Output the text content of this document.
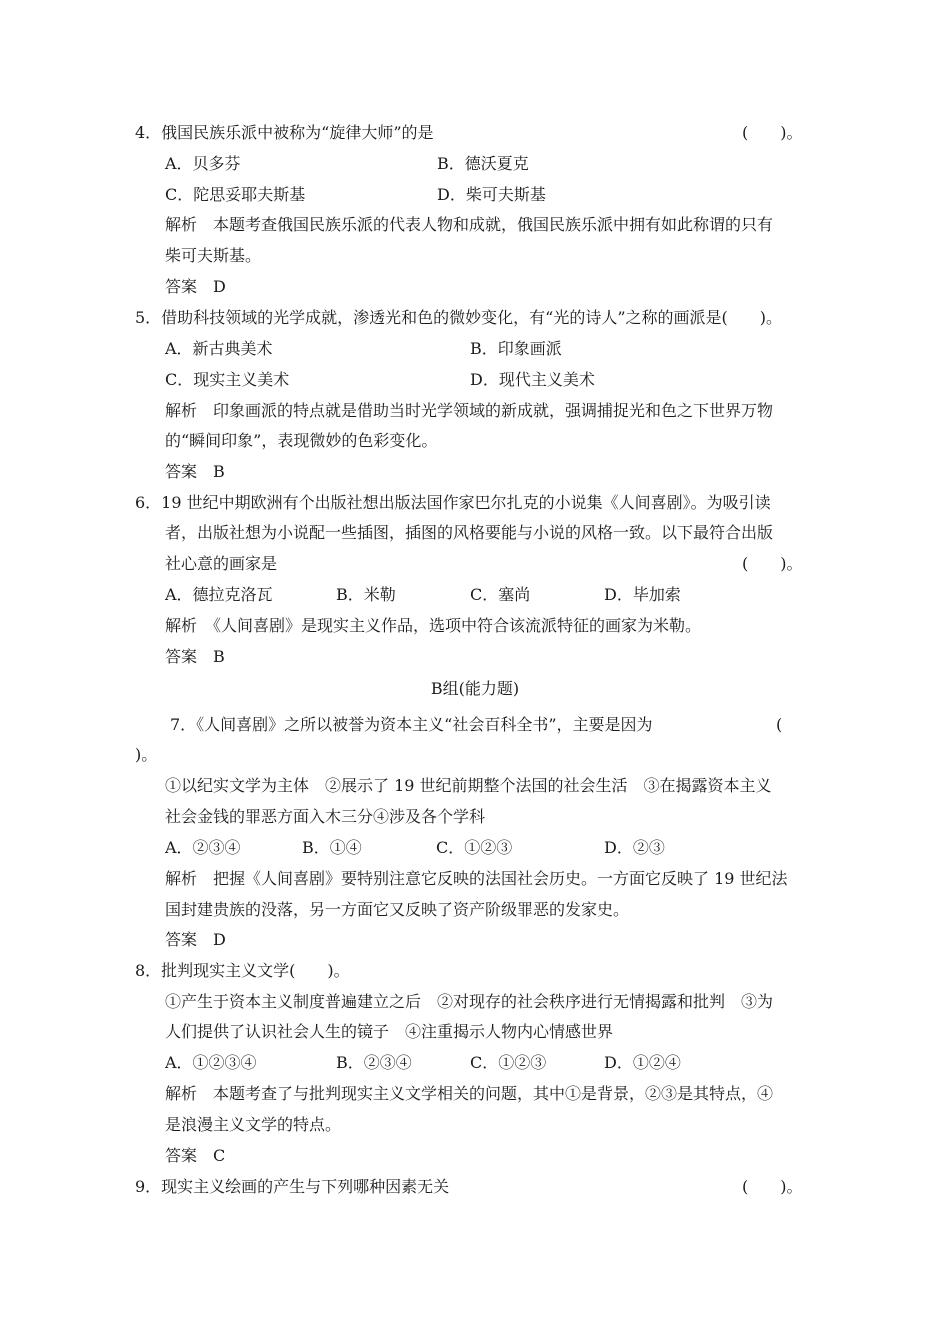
4．俄国民族乐派中被称为“旋律大师”的是	(　　)。
A．贝多芬	B．德沃夏克
C．陀思妥耶夫斯基	D．柴可夫斯基
解析　本题考查俄国民族乐派的代表人物和成就，俄国民族乐派中拥有如此称谓的只有
柴可夫斯基。
答案　D
5．借助科技领域的光学成就，渗透光和色的微妙变化，有“光的诗人”之称的画派是(　　)。
A．新古典美术	B．印象画派
C．现实主义美术	D．现代主义美术
解析　印象画派的特点就是借助当时光学领域的新成就，强调捕捉光和色之下世界万物
的“瞬间印象”，表现微妙的色彩变化。
答案　B
6．19 世纪中期欧洲有个出版社想出版法国作家巴尔扎克的小说集《人间喜剧》。为吸引读
者，出版社想为小说配一些插图，插图的风格要能与小说的风格一致。以下最符合出版
社心意的画家是	(　　)。
A．德拉克洛瓦	B．米勒	C．塞尚	D．毕加索
解析　《人间喜剧》是现实主义作品，选项中符合该流派特征的画家为米勒。
答案　B
B组(能力题)
7．《人间喜剧》之所以被誉为资本主义“社会百科全书”，主要是因为	(
)。
①以纪实文学为主体　②展示了 19 世纪前期整个法国的社会生活　③在揭露资本主义
社会金钱的罪恶方面入木三分④涉及各个学科
A．②③④	B．①④	C．①②③	D．②③
解析　把握《人间喜剧》要特别注意它反映的法国社会历史。一方面它反映了 19 世纪法
国封建贵族的没落，另一方面它又反映了资产阶级罪恶的发家史。
答案　D
8．批判现实主义文学(　　)。
①产生于资本主义制度普遍建立之后　②对现存的社会秩序进行无情揭露和批判　③为
人们提供了认识社会人生的镜子　④注重揭示人物内心情感世界
A．①②③④	B．②③④	C．①②③	D．①②④
解析　本题考查了与批判现实主义文学相关的问题，其中①是背景，②③是其特点，④
是浪漫主义文学的特点。
答案　C
9．现实主义绘画的产生与下列哪种因素无关	(　　)。
